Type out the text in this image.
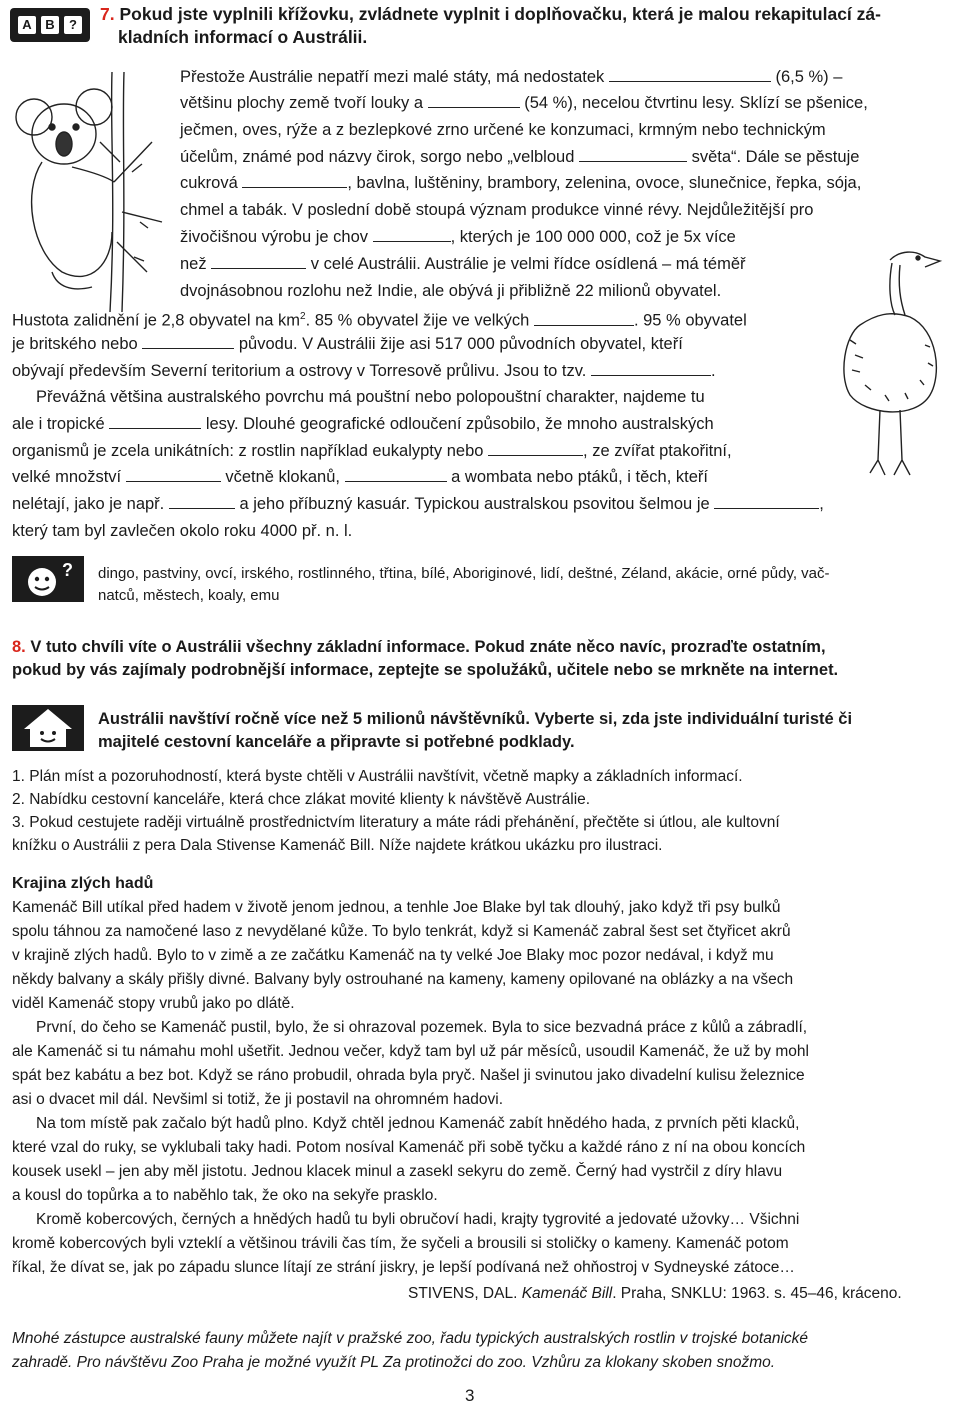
A	B	?
7. Pokud jste vyplnili křížovku, zvládnete vyplnit i doplňovačku, která je malou rekapitulací zá-
kladních informací o Austrálii.
Přestože Austrálie nepatří mezi malé státy, má nedostatek	(6,5 %) –
většinu plochy země tvoří louky a	(54 %), necelou čtvrtinu lesy. Sklízí se pšenice,
ječmen, oves, rýže a z bezlepkové zrno určené ke konzumaci, krmným nebo technickým
účelům, známé pod názvy čirok, sorgo nebo „velbloud	světa“. Dále se pěstuje
cukrová	, bavlna, luštěniny, brambory, zelenina, ovoce, slunečnice, řepka, sója,
chmel a tabák. V poslední době stoupá význam produkce vinné révy. Nejdůležitější pro
živočišnou výrobu je chov	, kterých je 100 000 000, což je 5x více
než	v celé Austrálii. Austrálie je velmi řídce osídlená – má téměř
dvojnásobnou rozlohu než Indie, ale obývá ji přibližně 22 milionů obyvatel.
Hustota zalidnění je 2,8 obyvatel na $km^2$. 85 % obyvatel žije ve velkých	. 95 % obyvatel
je britského nebo	původu. V Austrálii žije asi 517 000 původních obyvatel, kteří
obývají především Severní teritorium a ostrovy v Torresově průlivu. Jsou to tzv.	.
Převážná většina australského povrchu má pouštní nebo polopouštní charakter, najdeme tu
ale i tropické	lesy. Dlouhé geografické odloučení způsobilo, že mnoho australských
organismů je zcela unikátních: z rostlin například eukalypty nebo	, ze zvířat ptakořitní,
velké množství	včetně klokanů,	a wombata nebo ptáků, i těch, kteří
nelétají, jako je např.	a jeho příbuzný kasuár. Typickou australskou psovitou šelmou je	,
který tam byl zavlečen okolo roku 4000 př. n. l.
? dingo, pastviny, ovcí, irského, rostlinného, třtina, bílé, Aboriginové, lidí, deštné, Zéland, akácie, orné půdy, vač-
natců, městech, koaly, emu
8. V tuto chvíli víte o Austrálii všechny základní informace. Pokud znáte něco navíc, prozraďte ostatním,
pokud by vás zajímaly podrobnější informace, zeptejte se spolužáků, učitele nebo se mrkněte na internet.
Austrálii navštíví ročně více než 5 milionů návštěvníků. Vyberte si, zda jste individuální turisté či
majitelé cestovní kanceláře a připravte si potřebné podklady.
1. Plán míst a pozoruhodností, která byste chtěli v Austrálii navštívit, včetně mapky a základních informací.
2. Nabídku cestovní kanceláře, která chce zlákat movité klienty k návštěvě Austrálie.
3. Pokud cestujete raději virtuálně prostřednictvím literatury a máte rádi přehánění, přečtěte si útlou, ale kultovní
knížku o Austrálii z pera Dala Stivense Kamenáč Bill. Níže najdete krátkou ukázku pro ilustraci.
Krajina zlých hadů
Kamenáč Bill utíkal před hadem v životě jenom jednou, a tenhle Joe Blake byl tak dlouhý, jako když tři psy bulků
spolu táhnou za namočené laso z nevydělané kůže. To bylo tenkrát, když si Kamenáč zabral šest set čtyřicet akrů
v krajině zlých hadů. Bylo to v zimě a ze začátku Kamenáč na ty velké Joe Blaky moc pozor nedával, i když mu
někdy balvany a skály přišly divné. Balvany byly ostrouhané na kameny, kameny opilované na oblázky a na všech
viděl Kamenáč stopy vrubů jako po dlátě.
První, do čeho se Kamenáč pustil, bylo, že si ohrazoval pozemek. Byla to sice bezvadná práce z kůlů a zábradlí,
ale Kamenáč si tu námahu mohl ušetřit. Jednou večer, když tam byl už pár měsíců, usoudil Kamenáč, že už by mohl
spát bez kabátu a bez bot. Když se ráno probudil, ohrada byla pryč. Našel ji svinutou jako divadelní kulisu železnice
asi o dvacet mil dál. Nevšiml si totiž, že ji postavil na ohromném hadovi.
Na tom místě pak začalo být hadů plno. Když chtěl jednou Kamenáč zabít hnědého hada, z prvních pěti klacků,
které vzal do ruky, se vyklubali taky hadi. Potom nosíval Kamenáč při sobě tyčku a každé ráno z ní na obou koncích
kousek usekl – jen aby měl jistotu. Jednou klacek minul a zasekl sekyru do země. Černý had vystrčil z díry hlavu
a kousl do topůrka a to naběhlo tak, že oko na sekyře prasklo.
Kromě kobercových, černých a hnědých hadů tu byli obručoví hadi, krajty tygrovité a jedovaté užovky… Všichni
kromě kobercových byli vzteklí a většinou trávili čas tím, že syčeli a brousili si stoličky o kameny. Kamenáč potom
říkal, že dívat se, jak po západu slunce lítají ze strání jiskry, je lepší podívaná než ohňostroj v Sydneyské zátoce…
STIVENS, DAL. Kamenáč Bill. Praha, SNKLU: 1963. s. 45–46, kráceno.
Mnohé zástupce australské fauny můžete najít v pražské zoo, řadu typických australských rostlin v trojské botanické
zahradě. Pro návštěvu Zoo Praha je možné využít PL Za protinožci do zoo. Vzhůru za klokany skoben snožmo.
3
